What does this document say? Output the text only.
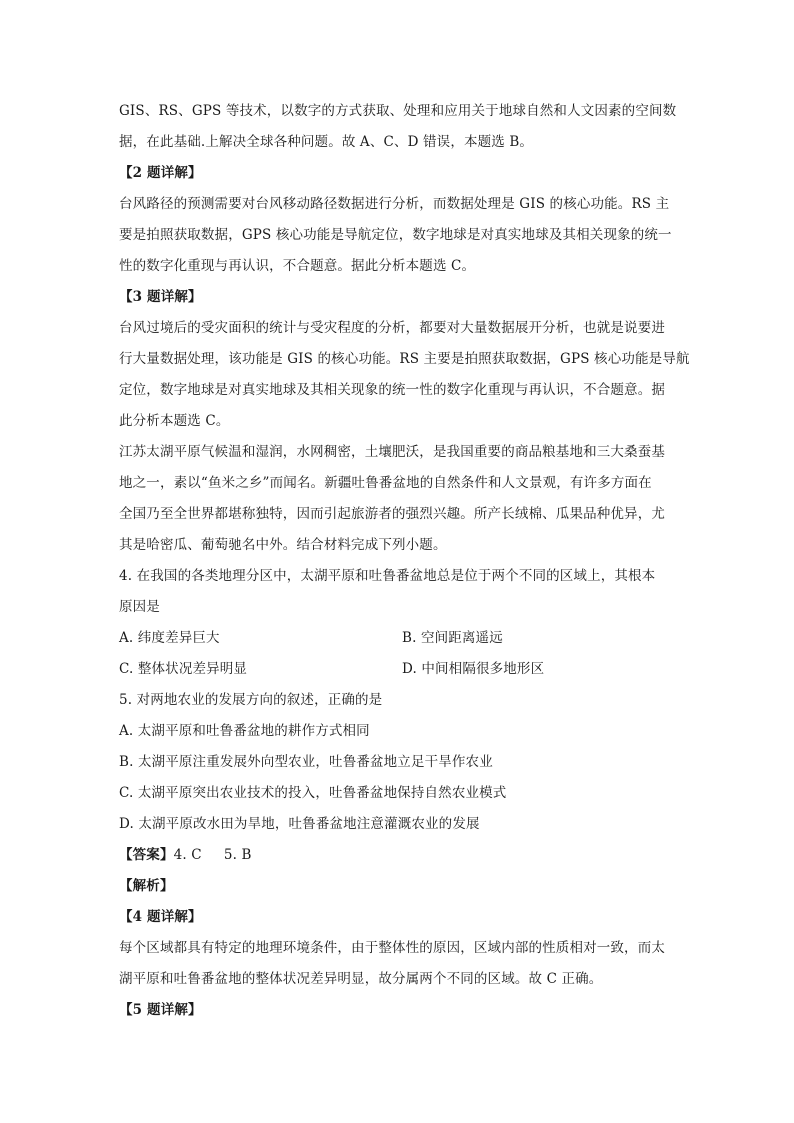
GIS、RS、GPS 等技术，以数字的方式获取、处理和应用关于地球自然和人文因素的空间数
据，在此基础.上解决全球各种问题。故 A、C、D 错误，本题选 B。
【2 题详解】
台风路径的预测需要对台风移动路径数据进行分析，而数据处理是 GIS 的核心功能。RS 主
要是拍照获取数据，GPS 核心功能是导航定位，数字地球是对真实地球及其相关现象的统一
性的数字化重现与再认识，不合题意。据此分析本题选 C。
【3 题详解】
台风过境后的受灾面积的统计与受灾程度的分析，都要对大量数据展开分析，也就是说要进
行大量数据处理，该功能是 GIS 的核心功能。RS 主要是拍照获取数据，GPS 核心功能是导航
定位，数字地球是对真实地球及其相关现象的统一性的数字化重现与再认识，不合题意。据
此分析本题选 C。
江苏太湖平原气候温和湿润，水网稠密，土壤肥沃，是我国重要的商品粮基地和三大桑蚕基
地之一，素以“鱼米之乡”而闻名。新疆吐鲁番盆地的自然条件和人文景观，有许多方面在
全国乃至全世界都堪称独特，因而引起旅游者的强烈兴趣。所产长绒棉、瓜果品种优异，尤
其是哈密瓜、葡萄驰名中外。结合材料完成下列小题。
4. 在我国的各类地理分区中，太湖平原和吐鲁番盆地总是位于两个不同的区域上，其根本
原因是
A. 纬度差异巨大	B. 空间距离遥远
C. 整体状况差异明显	D. 中间相隔很多地形区
5. 对两地农业的发展方向的叙述，正确的是
A. 太湖平原和吐鲁番盆地的耕作方式相同
B. 太湖平原注重发展外向型农业，吐鲁番盆地立足干旱作农业
C. 太湖平原突出农业技术的投入，吐鲁番盆地保持自然农业模式
D. 太湖平原改水田为旱地，吐鲁番盆地注意灌溉农业的发展
【答案】4. C     5. B
【解析】
【4 题详解】
每个区域都具有特定的地理环境条件，由于整体性的原因，区域内部的性质相对一致，而太
湖平原和吐鲁番盆地的整体状况差异明显，故分属两个不同的区域。故 C 正确。
【5 题详解】
